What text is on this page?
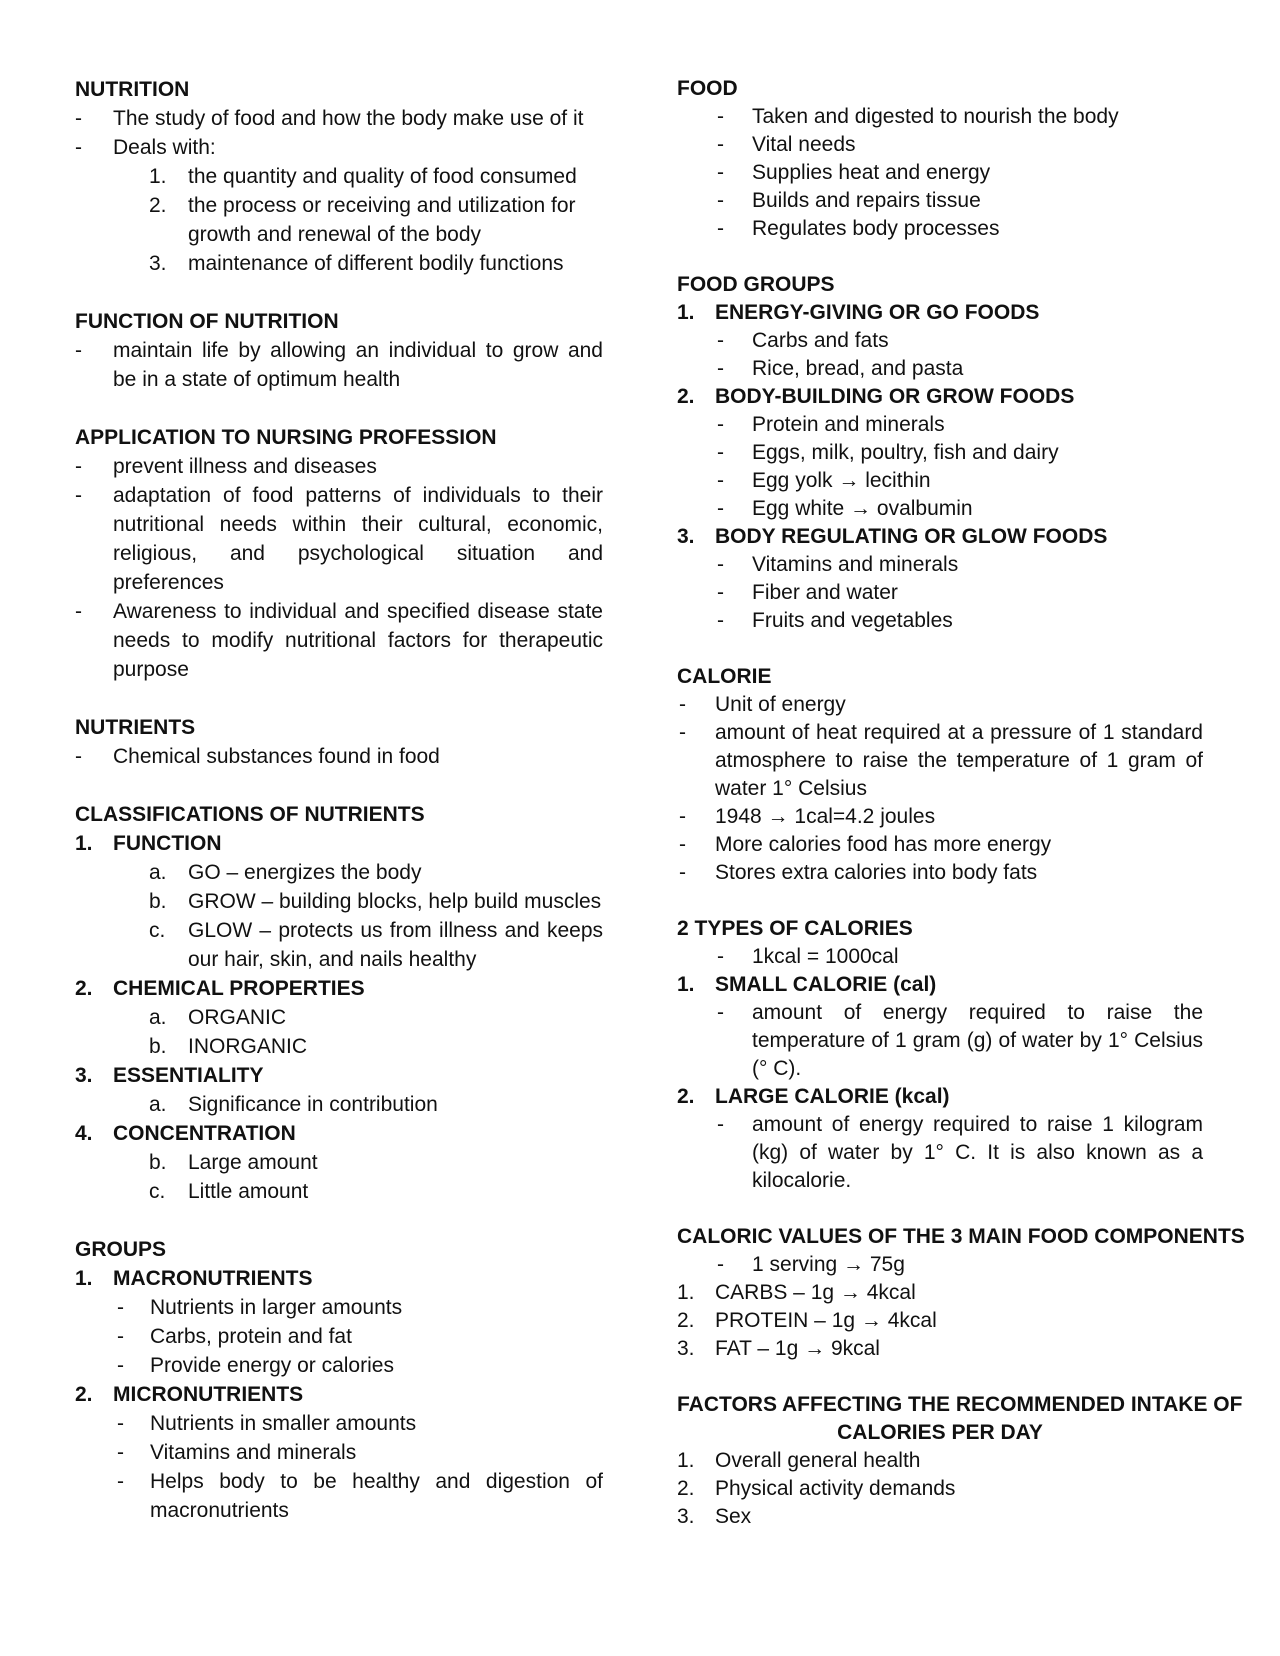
NUTRITION
- The study of food and how the body make use of it
- Deals with:
1. the quantity and quality of food consumed
2. the process or receiving and utilization for
growth and renewal of the body
3. maintenance of different bodily functions
FUNCTION OF NUTRITION
- maintain life by allowing an individual to grow and
be in a state of optimum health
APPLICATION TO NURSING PROFESSION
- prevent illness and diseases
- adaptation of food patterns of individuals to their
nutritional needs within their cultural, economic,
religious, and psychological situation and
preferences
- Awareness to individual and specified disease state
needs to modify nutritional factors for therapeutic
purpose
NUTRIENTS
- Chemical substances found in food
CLASSIFICATIONS OF NUTRIENTS
1. FUNCTION
a. GO – energizes the body
b. GROW – building blocks, help build muscles
c. GLOW – protects us from illness and keeps
our hair, skin, and nails healthy
2. CHEMICAL PROPERTIES
a. ORGANIC
b. INORGANIC
3. ESSENTIALITY
a. Significance in contribution
4. CONCENTRATION
b. Large amount
c. Little amount
GROUPS
1. MACRONUTRIENTS
- Nutrients in larger amounts
- Carbs, protein and fat
- Provide energy or calories
2. MICRONUTRIENTS
- Nutrients in smaller amounts
- Vitamins and minerals
- Helps body to be healthy and digestion of
macronutrients
FOOD
- Taken and digested to nourish the body
- Vital needs
- Supplies heat and energy
- Builds and repairs tissue
- Regulates body processes
FOOD GROUPS
1. ENERGY-GIVING OR GO FOODS
- Carbs and fats
- Rice, bread, and pasta
2. BODY-BUILDING OR GROW FOODS
- Protein and minerals
- Eggs, milk, poultry, fish and dairy
- Egg yolk → lecithin
- Egg white → ovalbumin
3. BODY REGULATING OR GLOW FOODS
- Vitamins and minerals
- Fiber and water
- Fruits and vegetables
CALORIE
- Unit of energy
- amount of heat required at a pressure of 1 standard
atmosphere to raise the temperature of 1 gram of
water 1° Celsius
- 1948 → 1cal=4.2 joules
- More calories food has more energy
- Stores extra calories into body fats
2 TYPES OF CALORIES
- 1kcal = 1000cal
1. SMALL CALORIE (cal)
- amount of energy required to raise the
temperature of 1 gram (g) of water by 1° Celsius
(° C).
2. LARGE CALORIE (kcal)
- amount of energy required to raise 1 kilogram
(kg) of water by 1° C. It is also known as a
kilocalorie.
CALORIC VALUES OF THE 3 MAIN FOOD COMPONENTS
- 1 serving → 75g
1. CARBS – 1g → 4kcal
2. PROTEIN – 1g → 4kcal
3. FAT – 1g → 9kcal
FACTORS AFFECTING THE RECOMMENDED INTAKE OF
CALORIES PER DAY
1. Overall general health
2. Physical activity demands
3. Sex
